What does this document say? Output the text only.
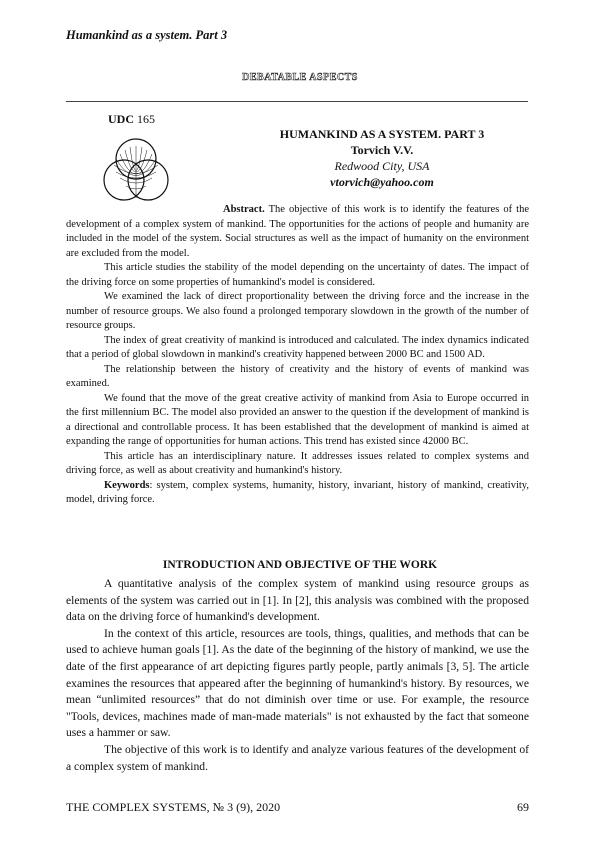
Humankind as a system. Part 3
DEBATABLE ASPECTS
UDC 165
HUMANKIND AS A SYSTEM. PART 3
Torvich V.V.
Redwood City, USA
vtorvich@yahoo.com

Abstract. The objective of this work is to identify the features of the development of a complex system of mankind. The opportunities for the actions of people and humanity are included in the model of the system. Social structures as well as the impact of humanity on the environment are excluded from the model.

This article studies the stability of the model depending on the uncertainty of dates. The impact of the driving force on some properties of humankind's model is considered.

We examined the lack of direct proportionality between the driving force and the increase in the number of resource groups. We also found a prolonged temporary slowdown in the growth of the number of resource groups.

The index of great creativity of mankind is introduced and calculated. The index dynamics indicated that a period of global slowdown in mankind's creativity happened between 2000 BC and 1500 AD.

The relationship between the history of creativity and the history of events of mankind was examined.

We found that the move of the great creative activity of mankind from Asia to Europe occurred in the first millennium BC. The model also provided an answer to the question if the development of mankind is a directional and controllable process. It has been established that the development of mankind is aimed at expanding the range of opportunities for human actions. This trend has existed since 42000 BC.

This article has an interdisciplinary nature. It addresses issues related to complex systems and driving force, as well as about creativity and humankind's history.

Keywords: system, complex systems, humanity, history, invariant, history of mankind, creativity, model, driving force.

INTRODUCTION AND OBJECTIVE OF THE WORK

A quantitative analysis of the complex system of mankind using resource groups as elements of the system was carried out in [1]. In [2], this analysis was combined with the proposed data on the driving force of humankind's development.

In the context of this article, resources are tools, things, qualities, and methods that can be used to achieve human goals [1]. As the date of the beginning of the history of mankind, we use the date of the first appearance of art depicting figures partly people, partly animals [3, 5]. The article examines the resources that appeared after the beginning of humankind's history. By resources, we mean “unlimited resources” that do not diminish over time or use. For example, the resource "Tools, devices, machines made of man-made materials" is not exhausted by the fact that someone uses a hammer or saw.

The objective of this work is to identify and analyze various features of the development of a complex system of mankind.

THE COMPLEX SYSTEMS, № 3 (9), 2020	69
